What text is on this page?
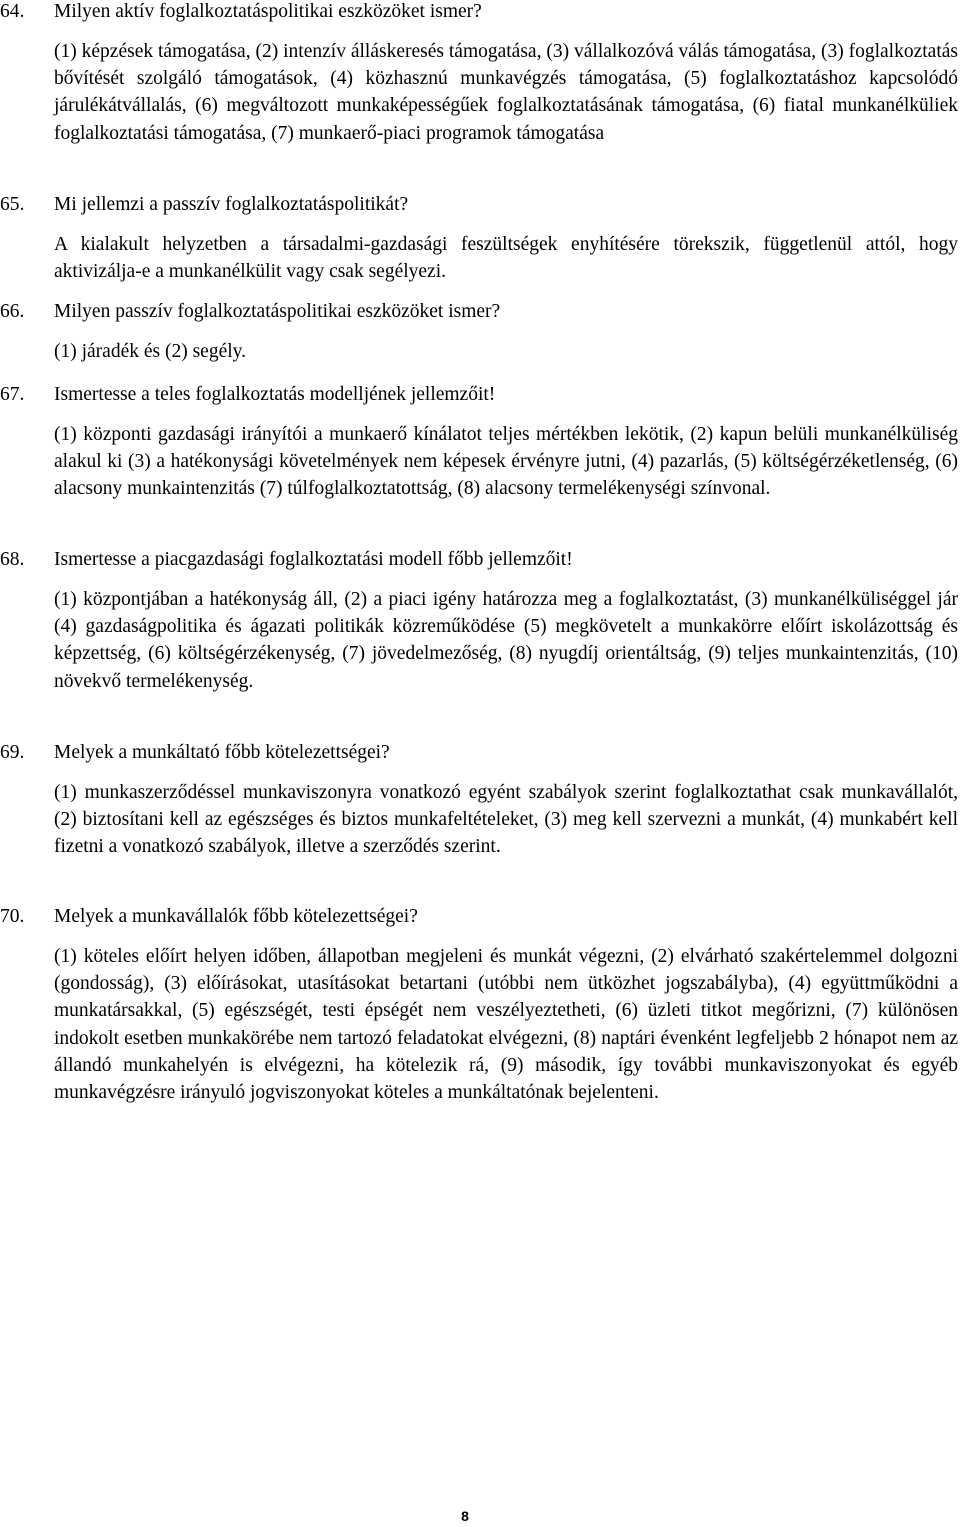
64. Milyen aktív foglalkoztatáspolitikai eszközöket ismer?
(1) képzések támogatása, (2) intenzív álláskeresés támogatása, (3) vállalkozóvá válás támogatása, (3) foglalkoztatás bővítését szolgáló támogatások, (4) közhasznú munkavégzés támogatása, (5) foglalkoztatáshoz kapcsolódó járulékátvállalás, (6) megváltozott munkaképességűek foglalkoztatásának támogatása, (6) fiatal munkanélküliek foglalkoztatási támogatása, (7) munkaerő-piaci programok támogatása
65. Mi jellemzi a passzív foglalkoztatáspolitikát?
A kialakult helyzetben a társadalmi-gazdasági feszültségek enyhítésére törekszik, függetlenül attól, hogy aktivizálja-e a munkanélkülit vagy csak segélyezi.
66. Milyen passzív foglalkoztatáspolitikai eszközöket ismer?
(1) járadék és (2) segély.
67. Ismertesse a teles foglalkoztatás modelljének jellemzőit!
(1) központi gazdasági irányítói a munkaerő kínálatot teljes mértékben lekötik, (2) kapun belüli munkanélküliség alakul ki (3) a hatékonysági követelmények nem képesek érvényre jutni, (4) pazarlás, (5) költségérzéketlenség, (6) alacsony munkaintenzitás (7) túlfoglalkoztatottság, (8) alacsony termelékenységi színvonal.
68. Ismertesse a piacgazdasági foglalkoztatási modell főbb jellemzőit!
(1) központjában a hatékonyság áll, (2) a piaci igény határozza meg a foglalkoztatást, (3) munkanélküliséggel jár (4) gazdaságpolitika és ágazati politikák közreműködése (5) megkövetelt a munkakörre előírt iskolázottság és képzettség, (6) költségérzékenység, (7) jövedelmezőség, (8) nyugdíj orientáltság, (9) teljes munkaintenzitás, (10) növekvő termelékenység.
69. Melyek a munkáltató főbb kötelezettségei?
(1) munkaszerződéssel munkaviszonyra vonatkozó egyént szabályok szerint foglalkoztathat csak munkavállalót, (2) biztosítani kell az egészséges és biztos munkafeltételeket, (3) meg kell szervezni a munkát, (4) munkabért kell fizetni a vonatkozó szabályok, illetve a szerződés szerint.
70. Melyek a munkavállalók főbb kötelezettségei?
(1) köteles előírt helyen időben, állapotban megjeleni és munkát végezni, (2) elvárható szakértelemmel dolgozni (gondosság), (3) előírásokat, utasításokat betartani (utóbbi nem ütközhet jogszabályba), (4) együttműködni a munkatársakkal, (5) egészségét, testi épségét nem veszélyeztetheti, (6) üzleti titkot megőrizni, (7) különösen indokolt esetben munkakörébe nem tartozó feladatokat elvégezni, (8) naptári évenként legfeljebb 2 hónapot nem az állandó munkahelyén is elvégezni, ha kötelezik rá, (9) második, így további munkaviszonyokat és egyéb munkavégzésre irányuló jogviszonyokat köteles a munkáltatónak bejelenteni.
8
